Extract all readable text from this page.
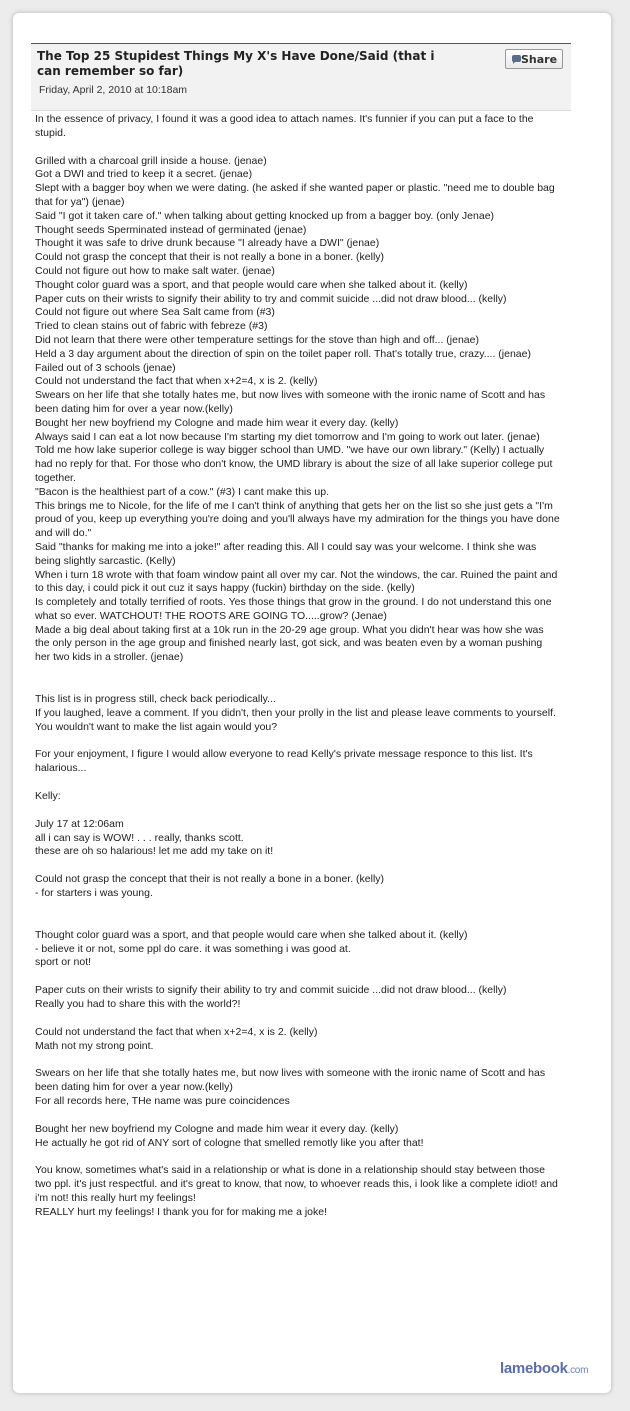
The Top 25 Stupidest Things My X's Have Done/Said (that i can remember so far)
Friday, April 2, 2010 at 10:18am
Share

In the essence of privacy, I found it was a good idea to attach names. It's funnier if you can put a face to the stupid.

Grilled with a charcoal grill inside a house. (jenae)

Got a DWI and tried to keep it a secret. (jenae)

Slept with a bagger boy when we were dating. (he asked if she wanted paper or plastic. "need me to double bag that for ya") (jenae)

Said "I got it taken care of." when talking about getting knocked up from a bagger boy. (only Jenae)

Thought seeds Sperminated instead of germinated (jenae)

Thought it was safe to drive drunk because "I already have a DWI" (jenae)

Could not grasp the concept that their is not really a bone in a boner. (kelly)

Could not figure out how to make salt water. (jenae)

Thought color guard was a sport, and that people would care when she talked about it. (kelly)

Paper cuts on their wrists to signify their ability to try and commit suicide ...did not draw blood... (kelly)

Could not figure out where Sea Salt came from (#3)

Tried to clean stains out of fabric with febreze (#3)

Did not learn that there were other temperature settings for the stove than high and off... (jenae)

Held a 3 day argument about the direction of spin on the toilet paper roll. That's totally true, crazy.... (jenae)

Failed out of 3 schools (jenae)

Could not understand the fact that when x+2=4, x is 2. (kelly)

Swears on her life that she totally hates me, but now lives with someone with the ironic name of Scott and has been dating him for over a year now.(kelly)

Bought her new boyfriend my Cologne and made him wear it every day. (kelly)

Always said I can eat a lot now because I'm starting my diet tomorrow and I'm going to work out later. (jenae)

Told me how lake superior college is way bigger school than UMD. "we have our own library." (Kelly) I actually had no reply for that. For those who don't know, the UMD library is about the size of all lake superior college put together.

"Bacon is the healthiest part of a cow." (#3) I cant make this up.

This brings me to Nicole, for the life of me I can't think of anything that gets her on the list so she just gets a "I'm proud of you, keep up everything you're doing and you'll always have my admiration for the things you have done and will do."

Said "thanks for making me into a joke!" after reading this. All I could say was your welcome. I think she was being slightly sarcastic. (Kelly)

When i turn 18 wrote with that foam window paint all over my car. Not the windows, the car. Ruined the paint and to this day, i could pick it out cuz it says happy (fuckin) birthday on the side. (kelly)

Is completely and totally terrified of roots. Yes those things that grow in the ground. I do not understand this one what so ever. WATCHOUT! THE ROOTS ARE GOING TO.....grow? (Jenae)

Made a big deal about taking first at a 10k run in the 20-29 age group. What you didn't hear was how she was the only person in the age group and finished nearly last, got sick, and was beaten even by a woman pushing her two kids in a stroller. (jenae)

This list is in progress still, check back periodically...

If you laughed, leave a comment. If you didn't, then your prolly in the list and please leave comments to yourself. You wouldn't want to make the list again would you?

For your enjoyment, I figure I would allow everyone to read Kelly's private message responce to this list. It's halarious...

Kelly:

July 17 at 12:06am

all i can say is WOW! . . . really, thanks scott.

these are oh so halarious! let me add my take on it!

Could not grasp the concept that their is not really a bone in a boner. (kelly)

- for starters i was young.

Thought color guard was a sport, and that people would care when she talked about it. (kelly)

- believe it or not, some ppl do care. it was something i was good at.
sport or not!

Paper cuts on their wrists to signify their ability to try and commit suicide ...did not draw blood... (kelly)

Really you had to share this with the world?!

Could not understand the fact that when x+2=4, x is 2. (kelly)

Math not my strong point.

Swears on her life that she totally hates me, but now lives with someone with the ironic name of Scott and has been dating him for over a year now.(kelly)

For all records here, THe name was pure coincidences

Bought her new boyfriend my Cologne and made him wear it every day. (kelly)

He actually he got rid of ANY sort of cologne that smelled remotly like you after that!

You know, sometimes what's said in a relationship or what is done in a relationship should stay between those two ppl. it's just respectful. and it's great to know, that now, to whoever reads this, i look like a complete idiot! and i'm not! this really hurt my feelings!
REALLY hurt my feelings! I thank you for for making me a joke!

lamebook.com
